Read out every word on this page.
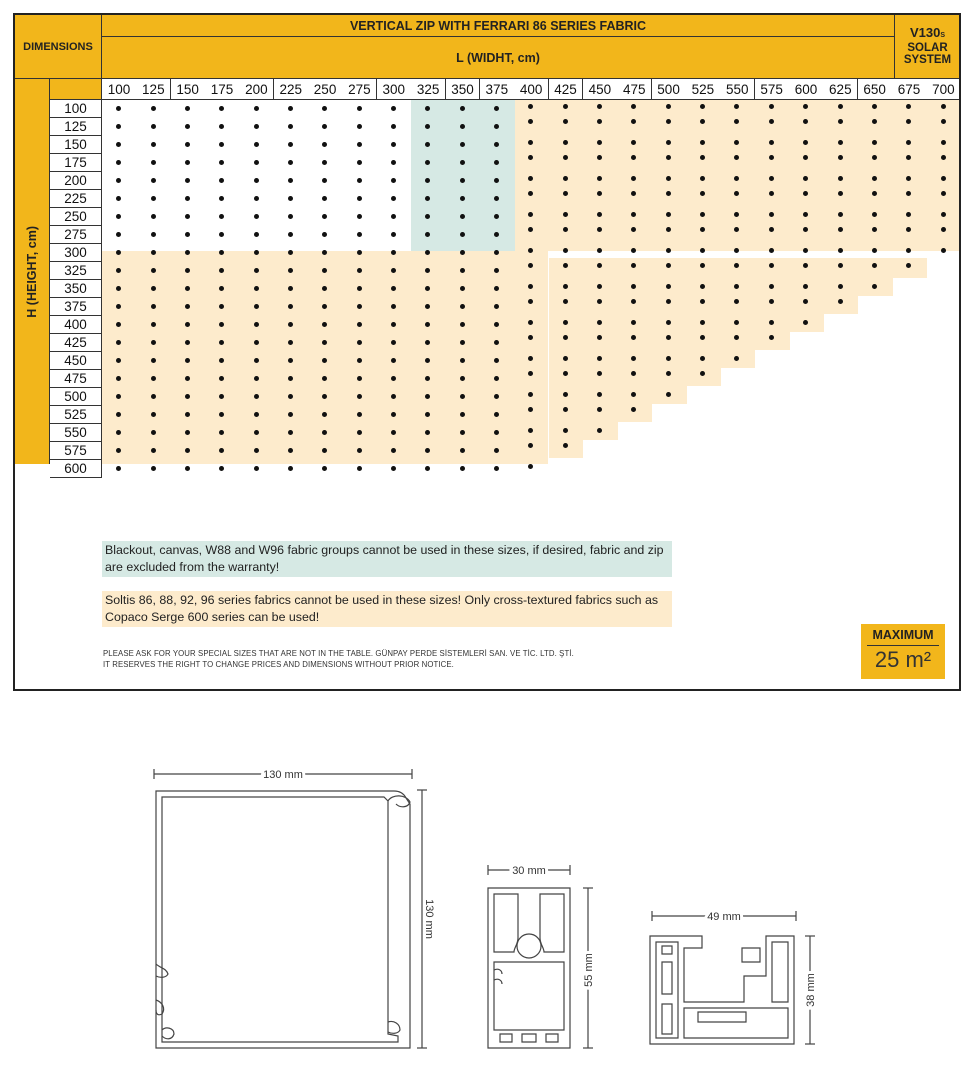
DIMENSIONS
VERTICAL ZIP WITH FERRARI 86 SERIES FABRIC
L (WIDHT, cm)
V130S
SOLAR
SYSTEM
H (HEIGHT, cm)
100 125 150 175 200 225 250 275 300 325 350 375 400 425 450 475 500 525 550 575 600 625 650 675 700
100
125
150
175
200
225
250
275
300
325
350
375
400
425
450
475
500
525
550
575
600
Blackout, canvas, W88 and W96 fabric groups cannot be used in these sizes, if desired, fabric and zip are excluded from the warranty!
Soltis 86, 88, 92, 96 series fabrics cannot be used in these sizes! Only cross-textured fabrics such as Copaco Serge 600 series can be used!
PLEASE ASK FOR YOUR SPECIAL SIZES THAT ARE NOT IN THE TABLE. GÜNPAY PERDE SİSTEMLERİ SAN. VE TİC. LTD. ŞTİ.
IT RESERVES THE RIGHT TO CHANGE PRICES AND DIMENSIONS WITHOUT PRIOR NOTICE.
MAXIMUM
25 m²
130 mm
130 mm
30 mm
55 mm
49 mm
38 mm
